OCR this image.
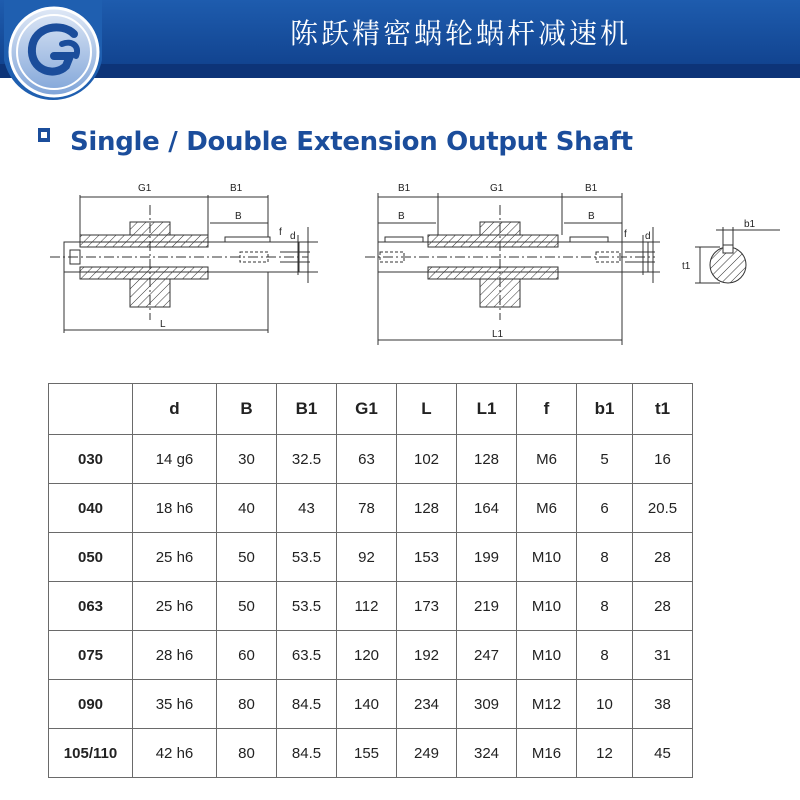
陈跃精密蜗轮蜗杆减速机
Single / Double Extension Output Shaft
G1	B1
B
f d
L
B1	G1	B1
B	B
f d
L1
b1
t1
	d	B	B1	G1	L	L1	f	b1	t1
030	14 g6	30	32.5	63	102	128	M6	5	16
040	18 h6	40	43	78	128	164	M6	6	20.5
050	25 h6	50	53.5	92	153	199	M10	8	28
063	25 h6	50	53.5	112	173	219	M10	8	28
075	28 h6	60	63.5	120	192	247	M10	8	31
090	35 h6	80	84.5	140	234	309	M12	10	38
105/110	42 h6	80	84.5	155	249	324	M16	12	45
